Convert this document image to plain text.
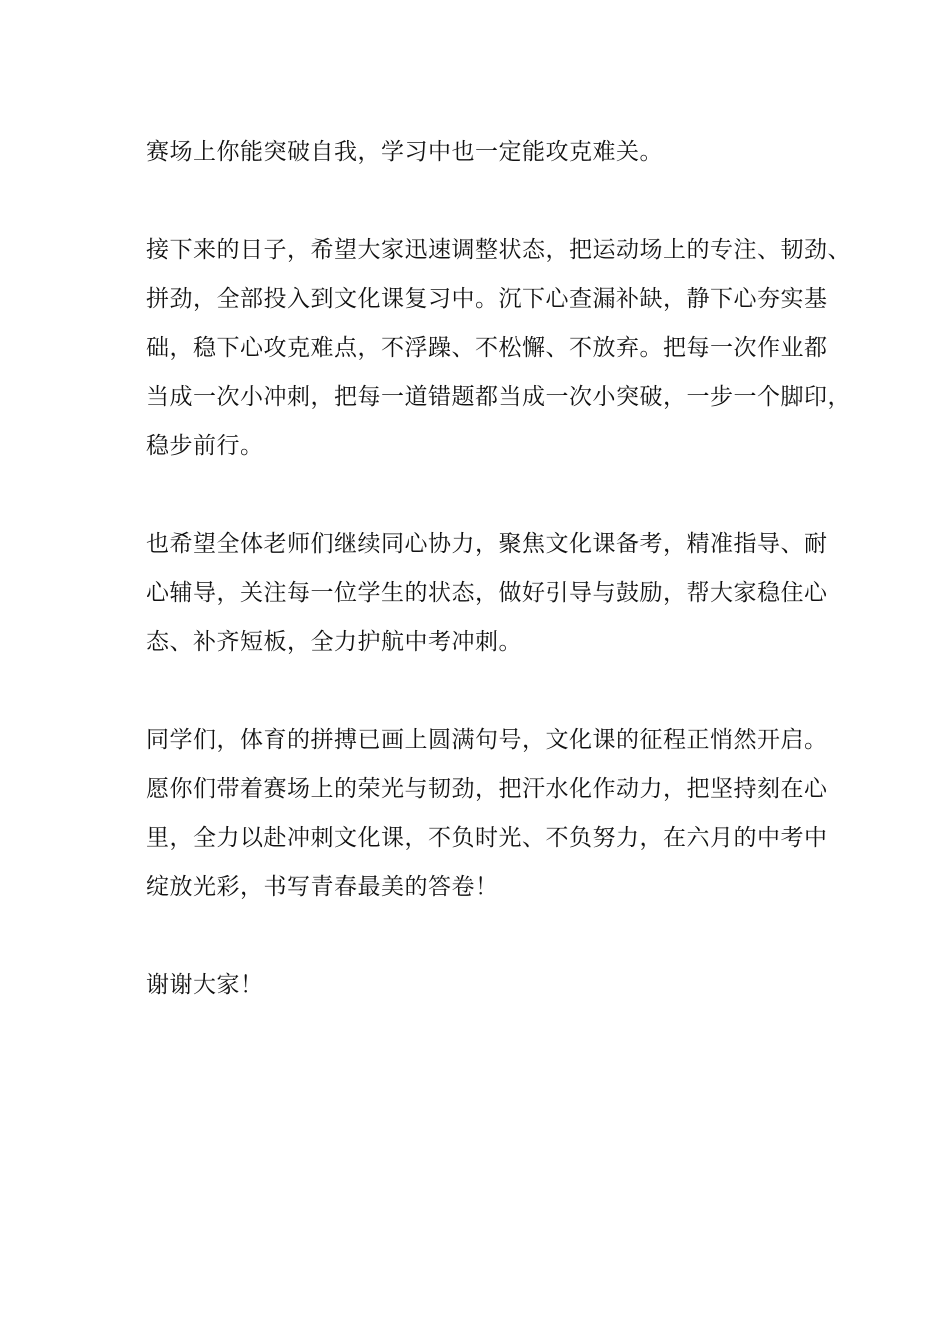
赛场上你能突破自我，学习中也一定能攻克难关。

接下来的日子，希望大家迅速调整状态，把运动场上的专注、韧劲、
拼劲，全部投入到文化课复习中。沉下心查漏补缺，静下心夯实基
础，稳下心攻克难点，不浮躁、不松懈、不放弃。把每一次作业都
当成一次小冲刺，把每一道错题都当成一次小突破，一步一个脚印，
稳步前行。

也希望全体老师们继续同心协力，聚焦文化课备考，精准指导、耐
心辅导，关注每一位学生的状态，做好引导与鼓励，帮大家稳住心
态、补齐短板，全力护航中考冲刺。

同学们，体育的拼搏已画上圆满句号，文化课的征程正悄然开启。
愿你们带着赛场上的荣光与韧劲，把汗水化作动力，把坚持刻在心
里，全力以赴冲刺文化课，不负时光、不负努力，在六月的中考中
绽放光彩，书写青春最美的答卷！

谢谢大家！
